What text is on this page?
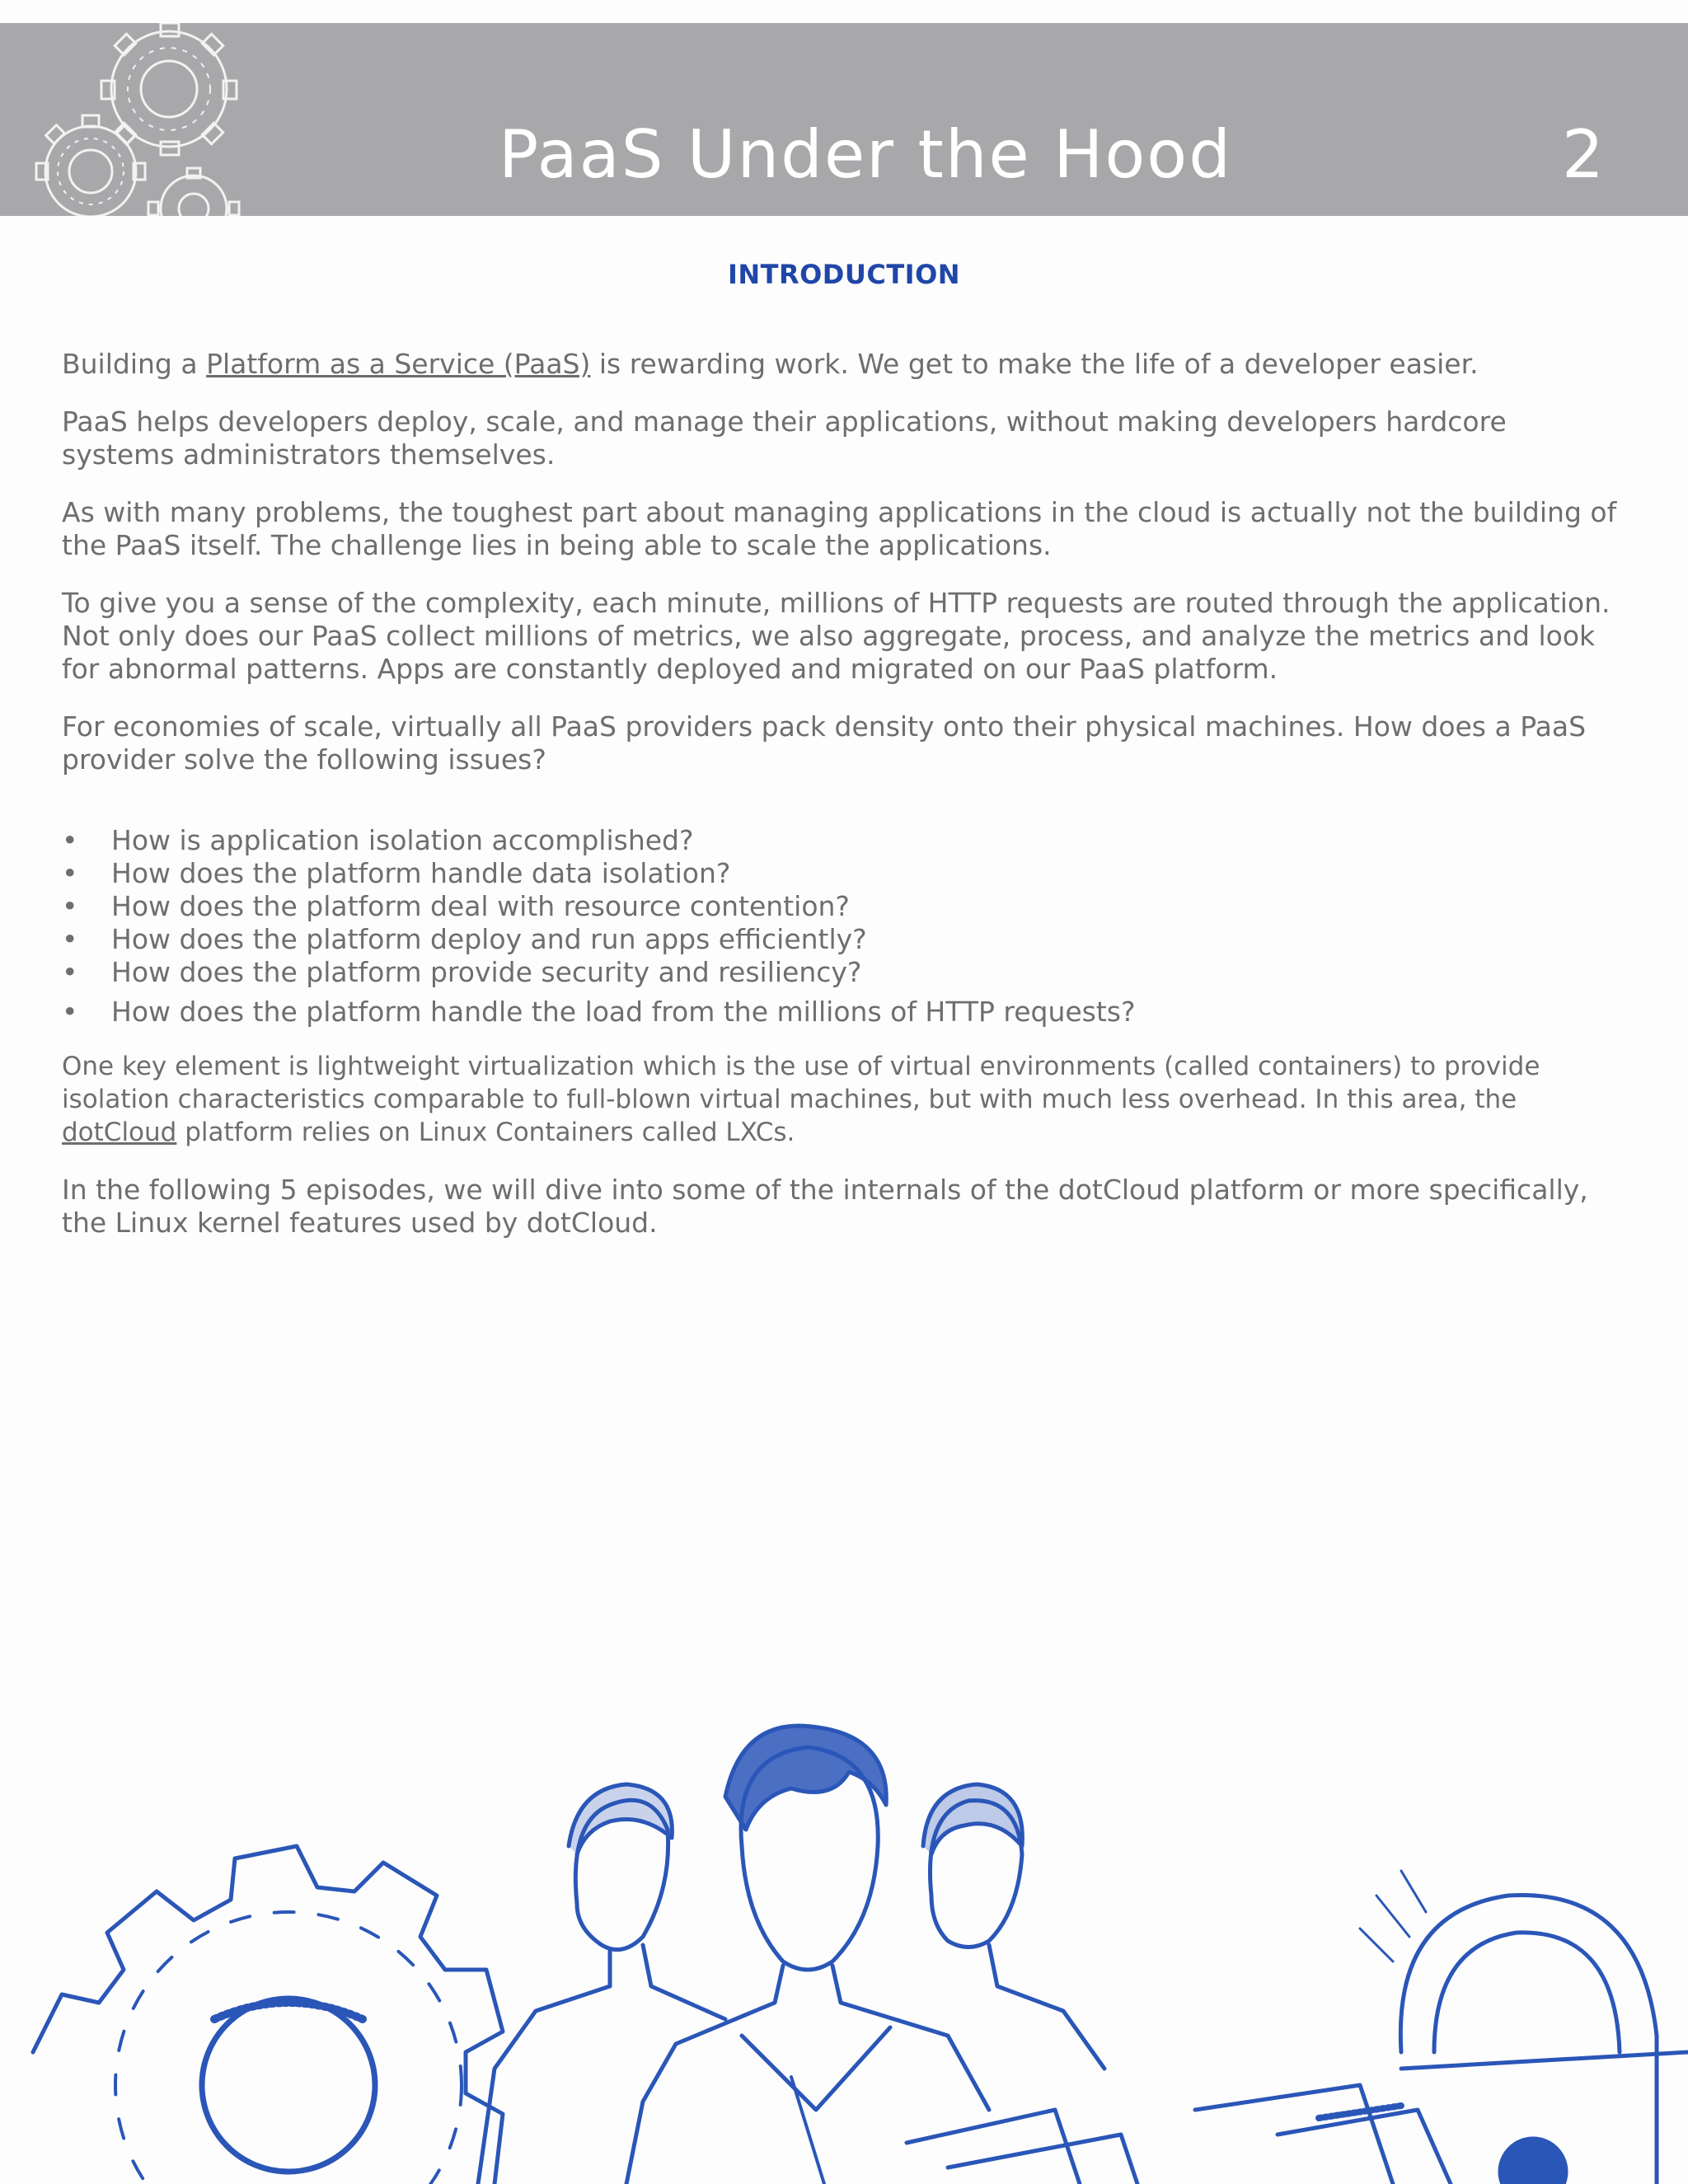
PaaS Under the Hood	2
INTRODUCTION

Building a Platform as a Service (PaaS) is rewarding work. We get to make the life of a developer easier.

PaaS helps developers deploy, scale, and manage their applications, without making developers hardcore systems administrators themselves.

As with many problems, the toughest part about managing applications in the cloud is actually not the building of the PaaS itself. The challenge lies in being able to scale the applications.

To give you a sense of the complexity, each minute, millions of HTTP requests are routed through the application. Not only does our PaaS collect millions of metrics, we also aggregate, process, and analyze the metrics and look for abnormal patterns. Apps are constantly deployed and migrated on our PaaS platform.

For economies of scale, virtually all PaaS providers pack density onto their physical machines. How does a PaaS provider solve the following issues?

• How is application isolation accomplished?
• How does the platform handle data isolation?
• How does the platform deal with resource contention?
• How does the platform deploy and run apps efficiently?
• How does the platform provide security and resiliency?
• How does the platform handle the load from the millions of HTTP requests?

One key element is lightweight virtualization which is the use of virtual environments (called containers) to provide isolation characteristics comparable to full-blown virtual machines, but with much less overhead. In this area, the dotCloud platform relies on Linux Containers called LXCs.

In the following 5 episodes, we will dive into some of the internals of the dotCloud platform or more specifically, the Linux kernel features used by dotCloud.
